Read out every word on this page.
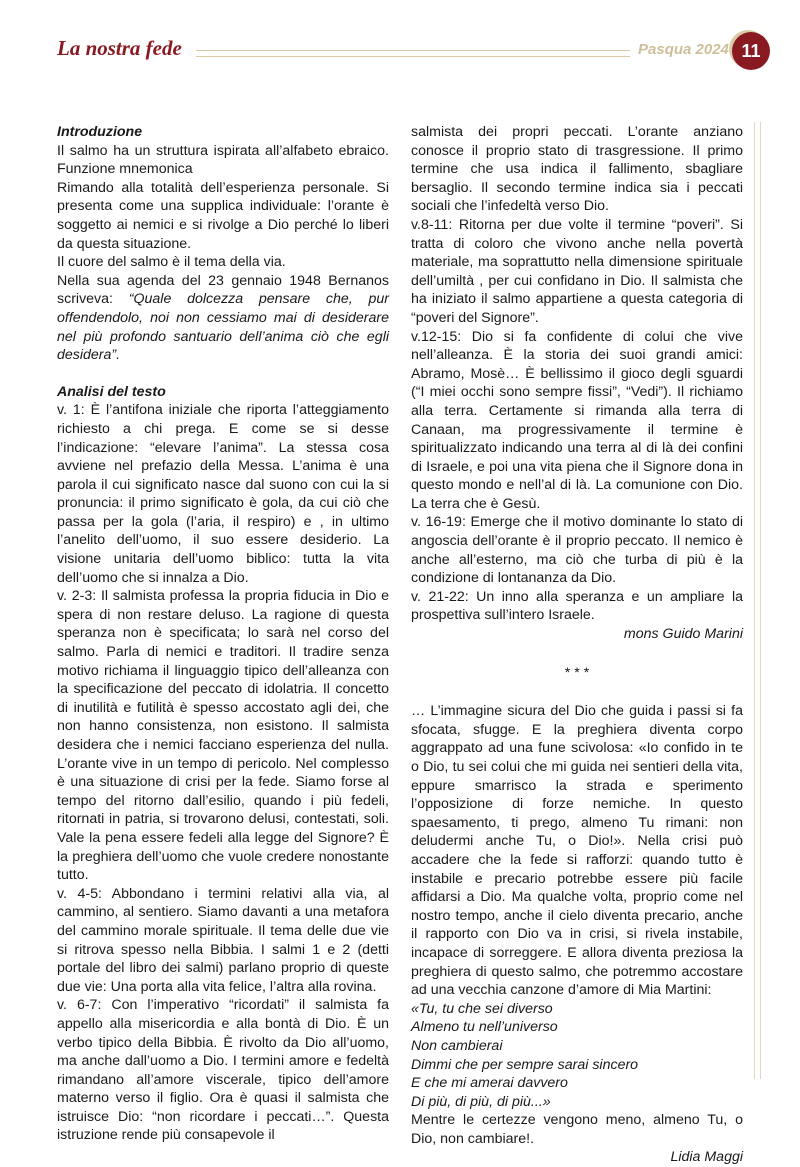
La nostra fede	Pasqua 2024 11

Introduzione

Il salmo ha un struttura ispirata all’alfabeto ebraico. Funzione mnemonica

Rimando alla totalità dell’esperienza personale. Si presenta come una supplica individuale: l’orante è soggetto ai nemici e si rivolge a Dio perché lo liberi da questa situazione.

Il cuore del salmo è il tema della via.

Nella sua agenda del 23 gennaio 1948 Bernanos scriveva: “Quale dolcezza pensare che, pur offendendolo, noi non cessiamo mai di desiderare nel più profondo santuario dell’anima ciò che egli desidera”.

Analisi del testo

v. 1: È l’antifona iniziale che riporta l’atteggiamento richiesto a chi prega. E come se si desse l’indicazione: “elevare l’anima”. La stessa cosa avviene nel prefazio della Messa. L’anima è una parola il cui significato nasce dal suono con cui la si pronuncia: il primo significato è gola, da cui ciò che passa per la gola (l’aria, il respiro) e , in ultimo l’anelito dell’uomo, il suo essere desiderio. La visione unitaria dell’uomo biblico: tutta la vita dell’uomo che si innalza a Dio.

v. 2-3: Il salmista professa la propria fiducia in Dio e spera di non restare deluso. La ragione di questa speranza non è specificata; lo sarà nel corso del salmo. Parla di nemici e traditori. Il tradire senza motivo richiama il linguaggio tipico dell’alleanza con la specificazione del peccato di idolatria. Il concetto di inutilità e futilità è spesso accostato agli dei, che non hanno consistenza, non esistono. Il salmista desidera che i nemici facciano esperienza del nulla. L’orante vive in un tempo di pericolo. Nel complesso è una situazione di crisi per la fede. Siamo forse al tempo del ritorno dall’esilio, quando i più fedeli, ritornati in patria, si trovarono delusi, contestati, soli. Vale la pena essere fedeli alla legge del Signore? È la preghiera dell’uomo che vuole credere nonostante tutto.

v. 4-5: Abbondano i termini relativi alla via, al cammino, al sentiero. Siamo davanti a una metafora del cammino morale spirituale. Il tema delle due vie si ritrova spesso nella Bibbia. I salmi 1 e 2 (detti portale del libro dei salmi) parlano proprio di queste due vie: Una porta alla vita felice, l’altra alla rovina.

v. 6-7: Con l’imperativo “ricordati” il salmista fa appello alla misericordia e alla bontà di Dio. È un verbo tipico della Bibbia. È rivolto da Dio all’uomo, ma anche dall’uomo a Dio. I termini amore e fedeltà rimandano all’amore viscerale, tipico dell’amore materno verso il figlio. Ora è quasi il salmista che istruisce Dio: “non ricordare i peccati…”. Questa istruzione rende più consapevole il

salmista dei propri peccati. L’orante anziano conosce il proprio stato di trasgressione. Il primo termine che usa indica il fallimento, sbagliare bersaglio. Il secondo termine indica sia i peccati sociali che l’infedeltà verso Dio.

v.8-11: Ritorna per due volte il termine “poveri”. Si tratta di coloro che vivono anche nella povertà materiale, ma soprattutto nella dimensione spirituale dell’umiltà , per cui confidano in Dio. Il salmista che ha iniziato il salmo appartiene a questa categoria di “poveri del Signore”.

v.12-15: Dio si fa confidente di colui che vive nell’alleanza. È la storia dei suoi grandi amici: Abramo, Mosè… È bellissimo il gioco degli sguardi (“I miei occhi sono sempre fissi”, “Vedi”). Il richiamo alla terra. Certamente si rimanda alla terra di Canaan, ma progressivamente il termine è spiritualizzato indicando una terra al di là dei confini di Israele, e poi una vita piena che il Signore dona in questo mondo e nell’al di là. La comunione con Dio. La terra che è Gesù.

v. 16-19: Emerge che il motivo dominante lo stato di angoscia dell’orante è il proprio peccato. Il nemico è anche all’esterno, ma ciò che turba di più è la condizione di lontananza da Dio.

v. 21-22: Un inno alla speranza e un ampliare la prospettiva sull’intero Israele.

mons Guido Marini

* * *

… L’immagine sicura del Dio che guida i passi si fa sfocata, sfugge. E la preghiera diventa corpo aggrappato ad una fune scivolosa: «Io confido in te o Dio, tu sei colui che mi guida nei sentieri della vita, eppure smarrisco la strada e sperimento l’opposizione di forze nemiche. In questo spaesamento, ti prego, almeno Tu rimani: non deludermi anche Tu, o Dio!». Nella crisi può accadere che la fede si rafforzi: quando tutto è instabile e precario potrebbe essere più facile affidarsi a Dio. Ma qualche volta, proprio come nel nostro tempo, anche il cielo diventa precario, anche il rapporto con Dio va in crisi, si rivela instabile, incapace di sorreggere. E allora diventa preziosa la preghiera di questo salmo, che potremmo accostare ad una vecchia canzone d’amore di Mia Martini:

«Tu, tu che sei diverso

Almeno tu nell’universo

Non cambierai

Dimmi che per sempre sarai sincero

E che mi amerai davvero

Di più, di più, di più...»

Mentre le certezze vengono meno, almeno Tu, o Dio, non cambiare!.

Lidia Maggi
